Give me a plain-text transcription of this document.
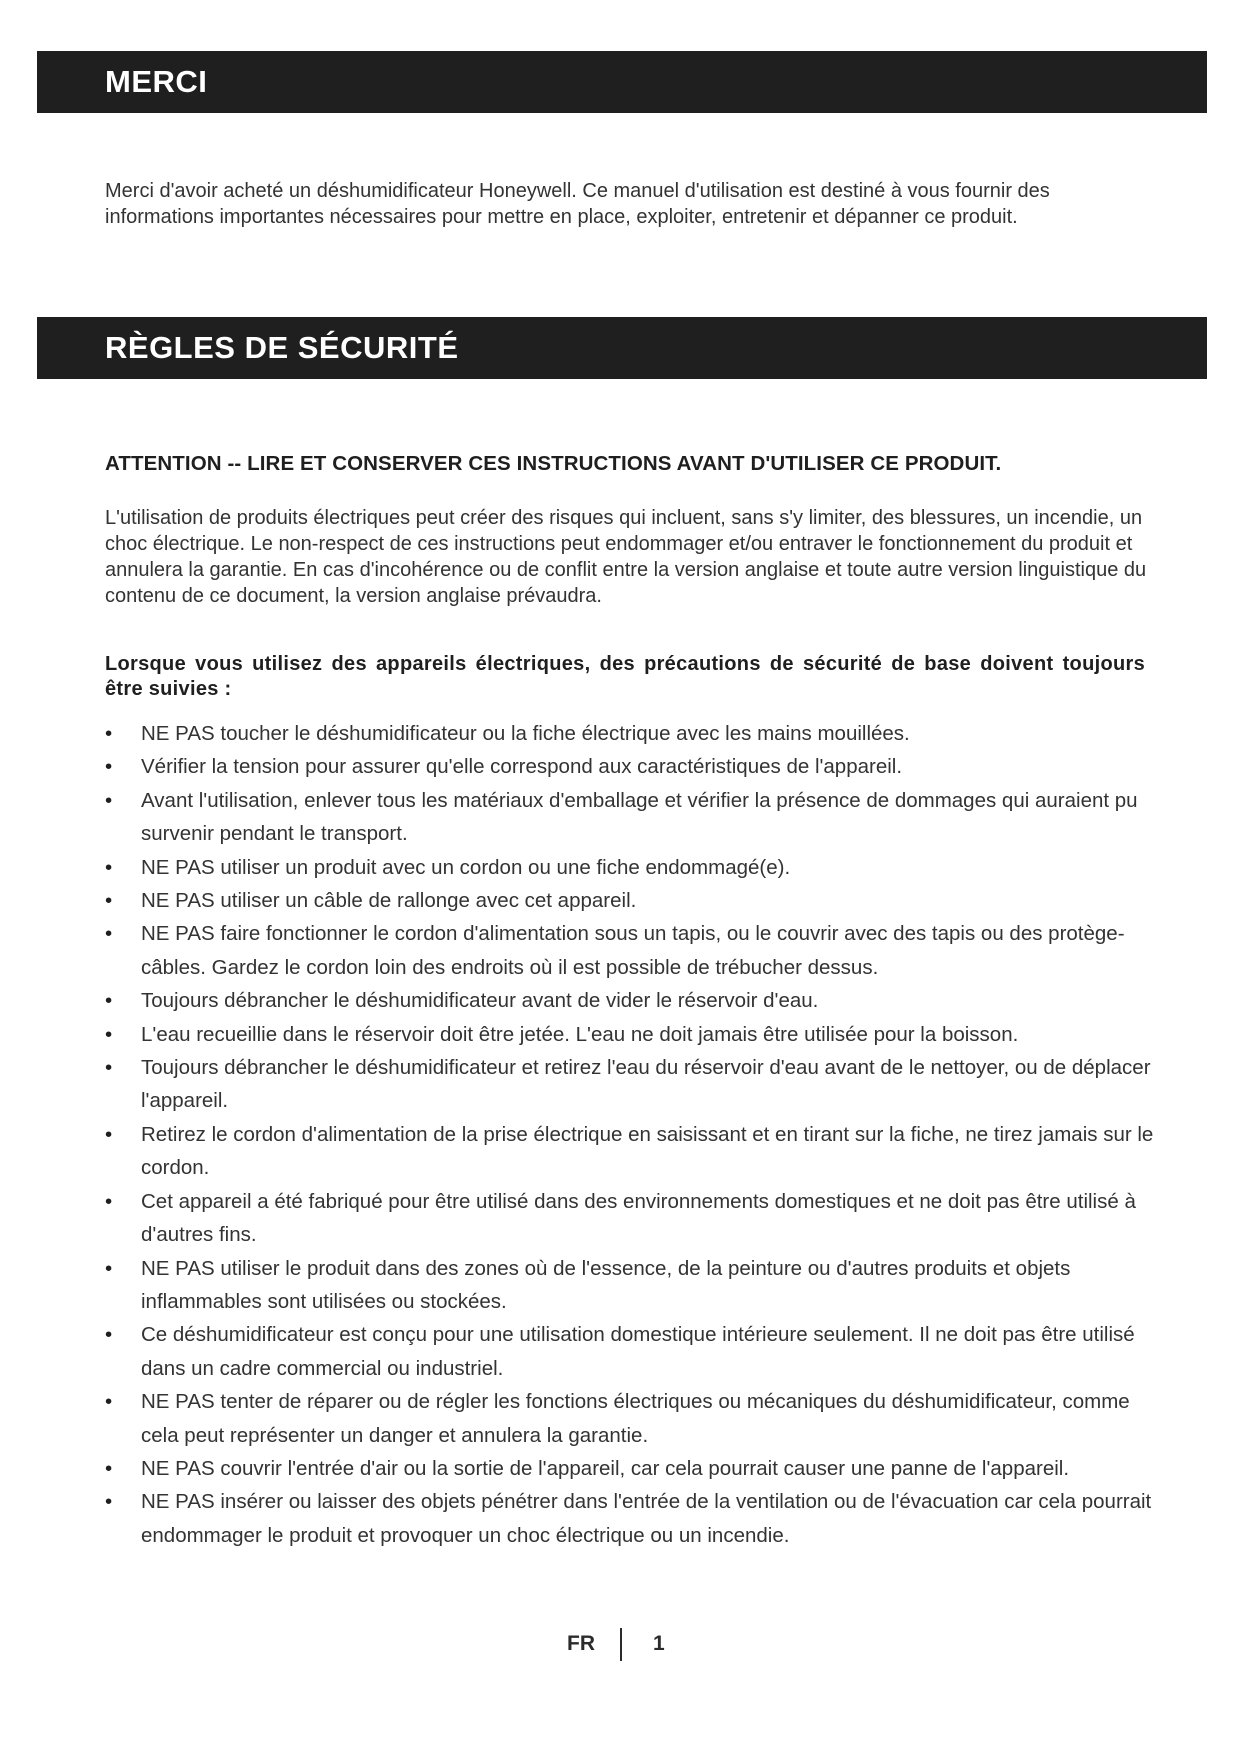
MERCI

Merci d'avoir acheté un déshumidificateur Honeywell. Ce manuel d'utilisation est destiné à vous fournir des informations importantes nécessaires pour mettre en place, exploiter, entretenir et dépanner ce produit.

RÈGLES DE SÉCURITÉ

ATTENTION -- LIRE ET CONSERVER CES INSTRUCTIONS AVANT D'UTILISER CE PRODUIT.

L'utilisation de produits électriques peut créer des risques qui incluent, sans s'y limiter, des blessures, un incendie, un choc électrique. Le non-respect de ces instructions peut endommager et/ou entraver le fonctionnement du produit et annulera la garantie. En cas d'incohérence ou de conflit entre la version anglaise et toute autre version linguistique du contenu de ce document, la version anglaise prévaudra.

Lorsque vous utilisez des appareils électriques, des précautions de sécurité de base doivent toujours être suivies :

•	NE PAS toucher le déshumidificateur ou la fiche électrique avec les mains mouillées.
•	Vérifier la tension pour assurer qu'elle correspond aux caractéristiques de l'appareil.
•	Avant l'utilisation, enlever tous les matériaux d'emballage et vérifier la présence de dommages qui auraient pu survenir pendant le transport.
•	NE PAS utiliser un produit avec un cordon ou une fiche endommagé(e).
•	NE PAS utiliser un câble de rallonge avec cet appareil.
•	NE PAS faire fonctionner le cordon d'alimentation sous un tapis, ou le couvrir avec des tapis ou des protège-câbles. Gardez le cordon loin des endroits où il est possible de trébucher dessus.
•	Toujours débrancher le déshumidificateur avant de vider le réservoir d'eau.
•	L'eau recueillie dans le réservoir doit être jetée. L'eau ne doit jamais être utilisée pour la boisson.
•	Toujours débrancher le déshumidificateur et retirez l'eau du réservoir d'eau avant de le nettoyer, ou de déplacer l'appareil.
•	Retirez le cordon d'alimentation de la prise électrique en saisissant et en tirant sur la fiche, ne tirez jamais sur le cordon.
•	Cet appareil a été fabriqué pour être utilisé dans des environnements domestiques et ne doit pas être utilisé à d'autres fins.
•	NE PAS utiliser le produit dans des zones où de l'essence, de la peinture ou d'autres produits et objets inflammables sont utilisées ou stockées.
•	Ce déshumidificateur est conçu pour une utilisation domestique intérieure seulement. Il ne doit pas être utilisé dans un cadre commercial ou industriel.
•	NE PAS tenter de réparer ou de régler les fonctions électriques ou mécaniques du déshumidificateur, comme cela peut représenter un danger et annulera la garantie.
•	NE PAS couvrir l'entrée d'air ou la sortie de l'appareil, car cela pourrait causer une panne de l'appareil.
•	NE PAS insérer ou laisser des objets pénétrer dans l'entrée de la ventilation ou de l'évacuation car cela pourrait endommager le produit et provoquer un choc électrique ou un incendie.
FR	1
